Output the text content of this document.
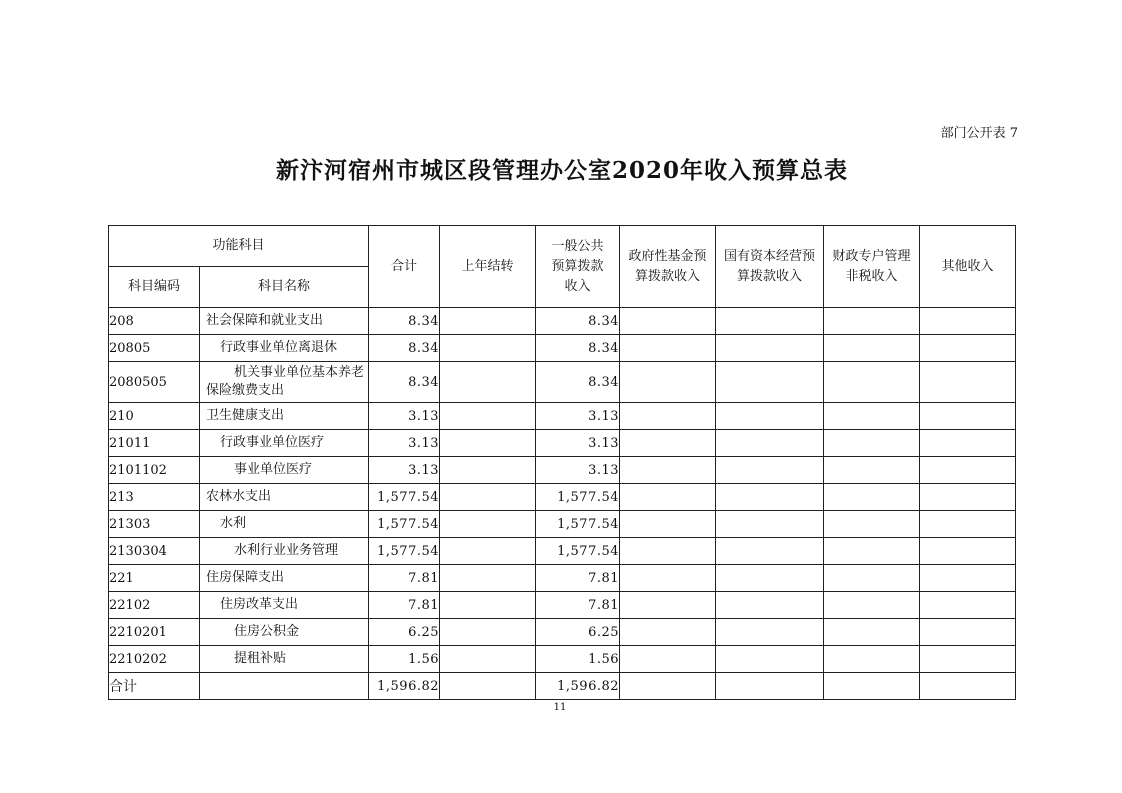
部门公开表 7
新汴河宿州市城区段管理办公室2020年收入预算总表
功能科目		合计	上年结转	一般公共预算拨款收入	政府性基金预算拨款收入	国有资本经营预算拨款收入	财政专户管理非税收入	其他收入
科目编码	科目名称							
208	社会保障和就业支出	8.34		8.34				
20805	行政事业单位离退休	8.34		8.34				
2080505	机关事业单位基本养老保险缴费支出	8.34		8.34				
210	卫生健康支出	3.13		3.13				
21011	行政事业单位医疗	3.13		3.13				
2101102	事业单位医疗	3.13		3.13				
213	农林水支出	1,577.54		1,577.54				
21303	水利	1,577.54		1,577.54				
2130304	水利行业业务管理	1,577.54		1,577.54				
221	住房保障支出	7.81		7.81				
22102	住房改革支出	7.81		7.81				
2210201	住房公积金	6.25		6.25				
2210202	提租补贴	1.56		1.56				
合计		1,596.82		1,596.82				
11
